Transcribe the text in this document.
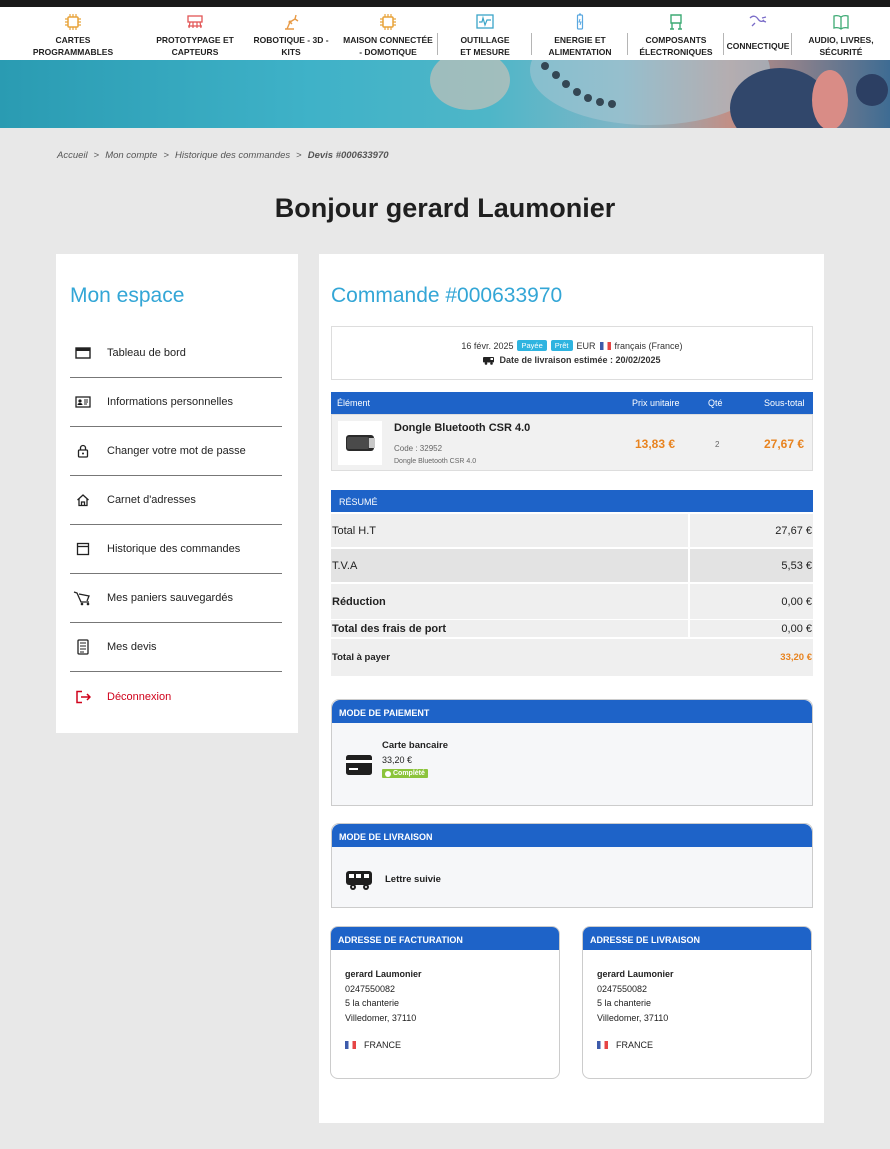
CARTES PROGRAMMABLES
PROTOTYPAGE ET CAPTEURS
ROBOTIQUE - 3D - KITS
MAISON CONNECTÉE - DOMOTIQUE
OUTILLAGE ET MESURE
ENERGIE ET ALIMENTATION
COMPOSANTS ÉLECTRONIQUES
CONNECTIQUE
AUDIO, LIVRES, SÉCURITÉ
Accueil > Mon compte > Historique des commandes > Devis #000633970
Bonjour gerard Laumonier
Mon espace
Tableau de bord
Informations personnelles
Changer votre mot de passe
Carnet d'adresses
Historique des commandes
Mes paniers sauvegardés
Mes devis
Déconnexion
Commande #000633970
16 févr. 2025	Payée	Prêt EUR français (France)
Date de livraison estimée : 20/02/2025
Élément	Prix unitaire	Qté	Sous-total
Dongle Bluetooth CSR 4.0
Code : 32952
Dongle Bluetooth CSR 4.0
13,83 €	2	27,67 €
RÉSUMÉ
Total H.T	27,67 €
T.V.A	5,53 €
Réduction	0,00 €
Total des frais de port	0,00 €
Total à payer	33,20 €
MODE DE PAIEMENT
Carte bancaire
33,20 €
Complété
MODE DE LIVRAISON
Lettre suivie
ADRESSE DE FACTURATION
gerard Laumonier
0247550082
5 la chanterie
Villedomer, 37110
FRANCE
ADRESSE DE LIVRAISON
gerard Laumonier
0247550082
5 la chanterie
Villedomer, 37110
FRANCE
